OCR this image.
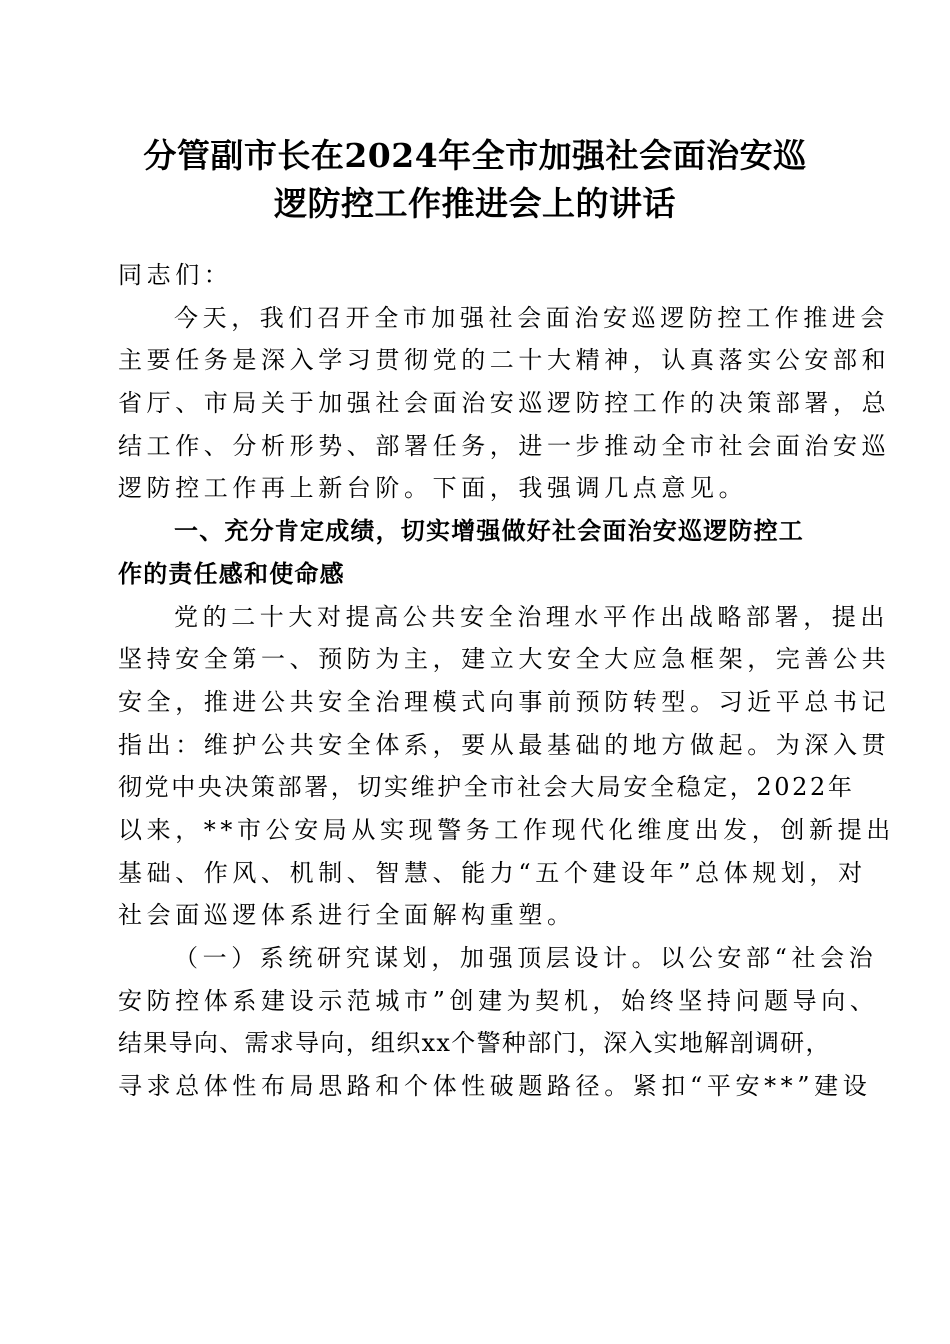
分管副市长在2024年全市加强社会面治安巡
逻防控工作推进会上的讲话
同志们：
今天，我们召开全市加强社会面治安巡逻防控工作推进会
主要任务是深入学习贯彻党的二十大精神，认真落实公安部和
省厅、市局关于加强社会面治安巡逻防控工作的决策部署，总
结工作、分析形势、部署任务，进一步推动全市社会面治安巡
逻防控工作再上新台阶。下面，我强调几点意见。
一、充分肯定成绩，切实增强做好社会面治安巡逻防控工
作的责任感和使命感
党的二十大对提高公共安全治理水平作出战略部署，提出
坚持安全第一、预防为主，建立大安全大应急框架，完善公共
安全，推进公共安全治理模式向事前预防转型。习近平总书记
指出：维护公共安全体系，要从最基础的地方做起。为深入贯
彻党中央决策部署，切实维护全市社会大局安全稳定，2022年
以来，**市公安局从实现警务工作现代化维度出发，创新提出
基础、作风、机制、智慧、能力“五个建设年”总体规划，对
社会面巡逻体系进行全面解构重塑。
（一）系统研究谋划，加强顶层设计。以公安部“社会治
安防控体系建设示范城市”创建为契机，始终坚持问题导向、
结果导向、需求导向，组织xx个警种部门，深入实地解剖调研，
寻求总体性布局思路和个体性破题路径。紧扣“平安**”建设
